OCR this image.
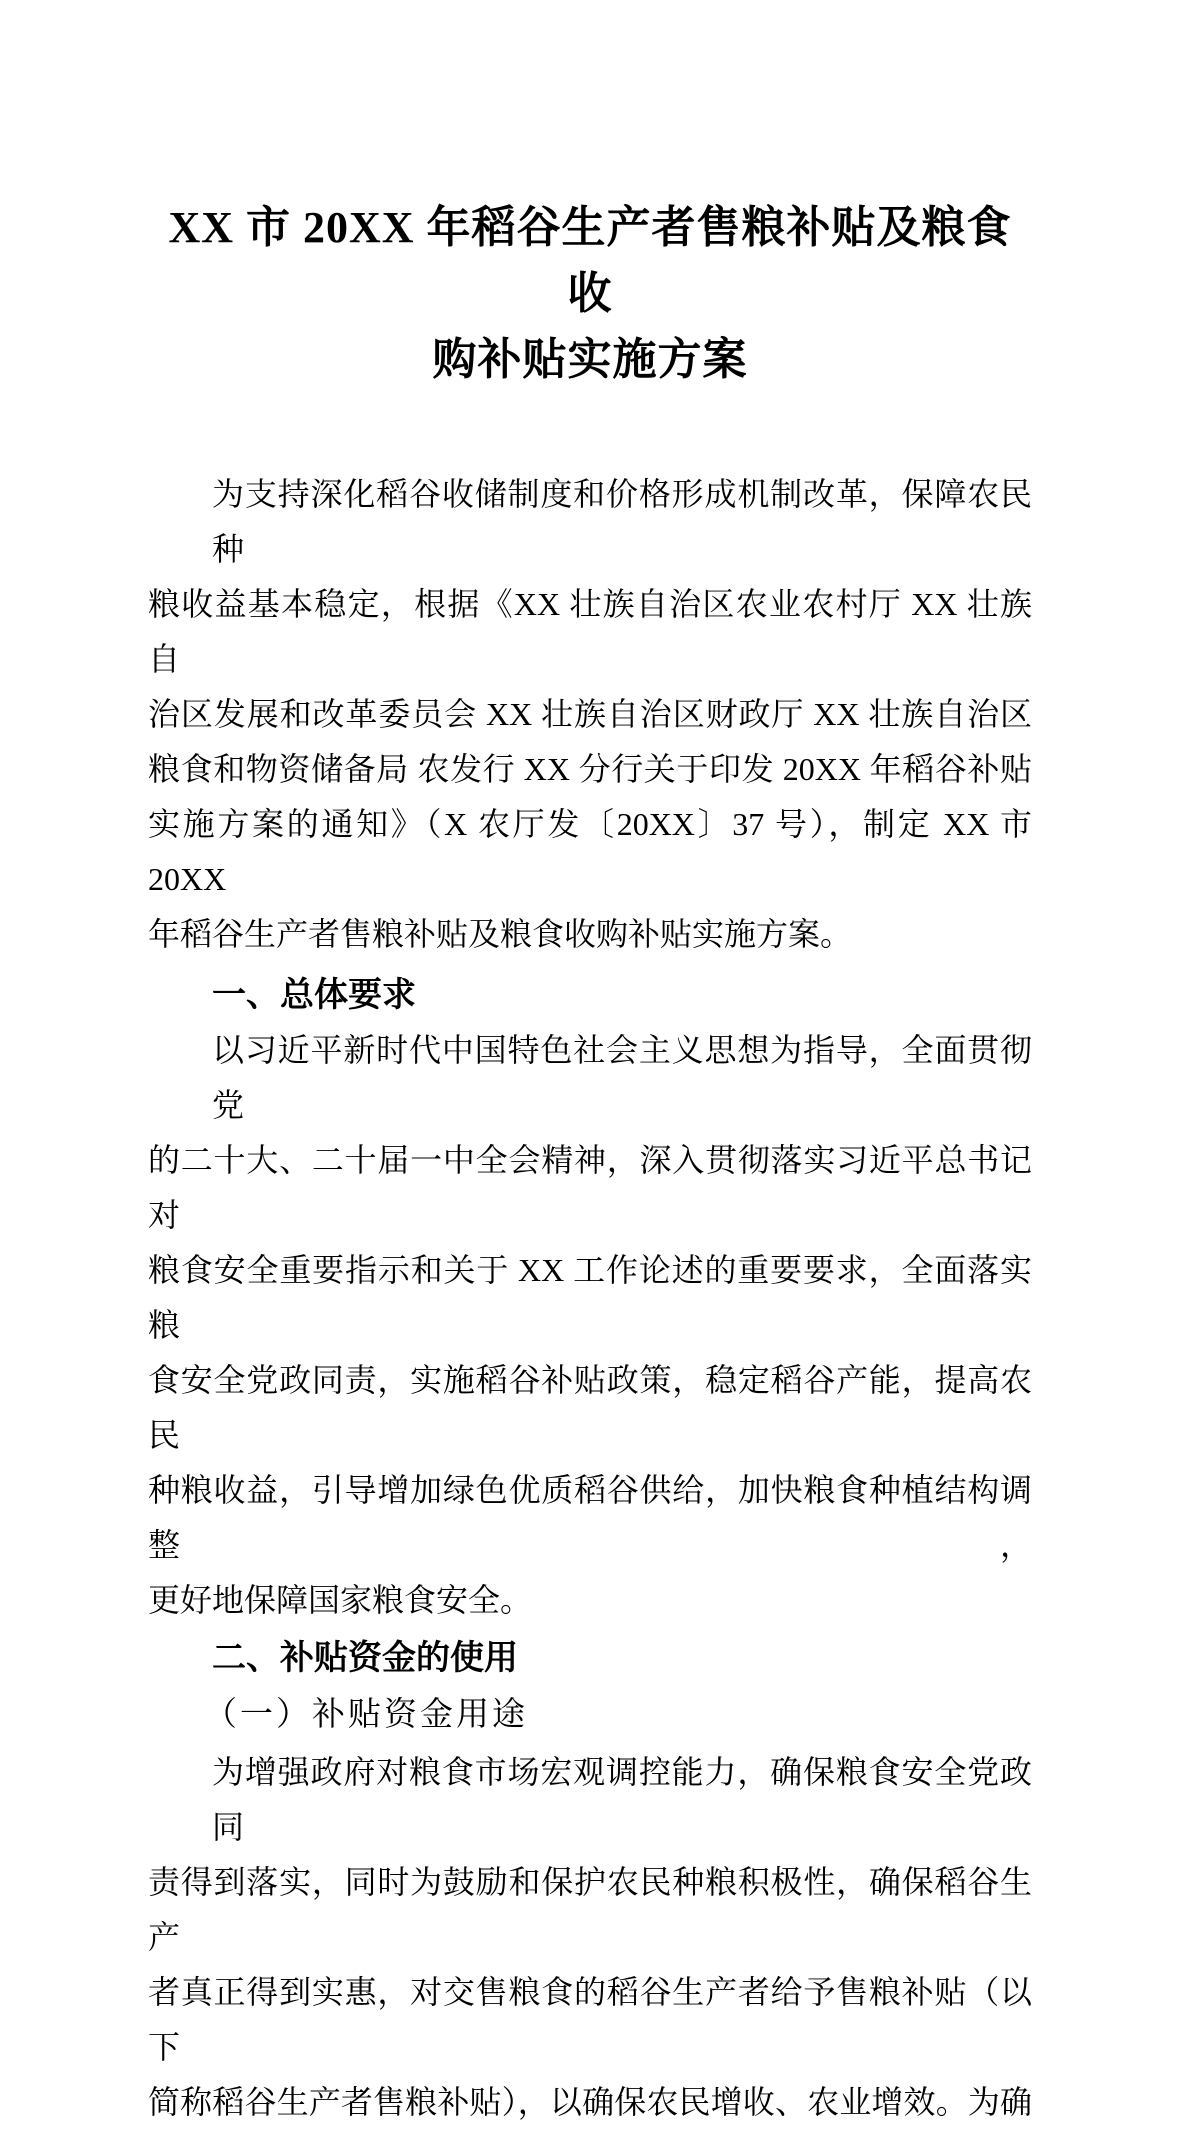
XX 市 20XX 年稻谷生产者售粮补贴及粮食收
购补贴实施方案
为支持深化稻谷收储制度和价格形成机制改革，保障农民种
粮收益基本稳定，根据《XX 壮族自治区农业农村厅 XX 壮族自
治区发展和改革委员会 XX 壮族自治区财政厅 XX 壮族自治区
粮食和物资储备局 农发行 XX 分行关于印发 20XX 年稻谷补贴
实施方案的通知》（X 农厅发〔20XX〕37 号），制定 XX 市 20XX
年稻谷生产者售粮补贴及粮食收购补贴实施方案。
一、总体要求
以习近平新时代中国特色社会主义思想为指导，全面贯彻党
的二十大、二十届一中全会精神，深入贯彻落实习近平总书记对
粮食安全重要指示和关于 XX 工作论述的重要要求，全面落实粮
食安全党政同责，实施稻谷补贴政策，稳定稻谷产能，提高农民
种粮收益，引导增加绿色优质稻谷供给，加快粮食种植结构调整，
更好地保障国家粮食安全。
二、补贴资金的使用
（一）补贴资金用途
为增强政府对粮食市场宏观调控能力，确保粮食安全党政同
责得到落实，同时为鼓励和保护农民种粮积极性，确保稻谷生产
者真正得到实惠，对交售粮食的稻谷生产者给予售粮补贴（以下
简称稻谷生产者售粮补贴），以确保农民增收、农业增效。为确
